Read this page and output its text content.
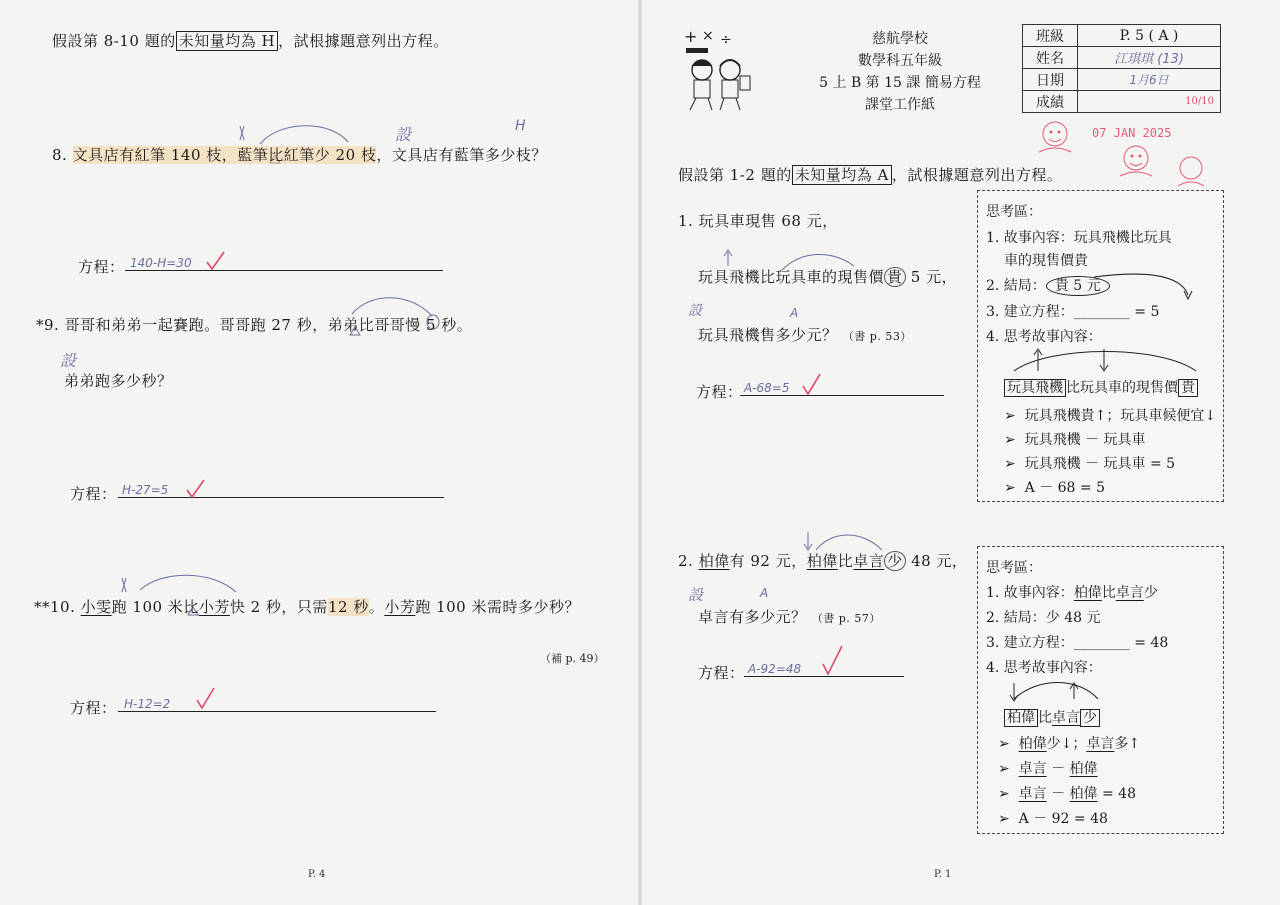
假設第 8-10 題的 未知量均為 H ，試根據題意列出方程。
設	H
8. 文具店有紅筆 140 枝，藍筆比紅筆少 20 枝，文具店有藍筆多少枝？
方程： 140-H=30
*9. 哥哥和弟弟一起賽跑。哥哥跑 27 秒，弟弟比哥哥慢 5 秒。
設
弟弟跑多少秒？
方程： H-27=5
**10. 小雯跑 100 米比小芳快 2 秒，只需12 秒。小芳跑 100 米需時多少秒？
（補 p. 49）
方程： H-12=2
P. 4
+ × ÷	慈航學校
數學科五年級
5 上 B 第 15 課 簡易方程
課堂工作紙
班級	P. 5 ( A )
姓名	江琪琪 (13)
日期	1月6日
成績	10/10
07 JAN 2025
假設第 1-2 題的 未知量均為 A ，試根據題意列出方程。
1. 玩具車現售 68 元，
玩具飛機比玩具車的現售價 貴 5 元，
設	A
玩具飛機售多少元？ （書 p. 53）
方程： A-68=5
思考區：
1. 故事內容：玩具飛機比玩具
車的現售價貴
2. 結局： 貴 5 元
3. 建立方程：________ = 5
4. 思考故事內容：
玩具飛機 比玩具車的現售價 貴
➢  玩具飛機貴↑；玩具車候便宜↓
➢  玩具飛機 － 玩具車
➢  玩具飛機 － 玩具車 = 5
➢  A － 68 = 5
2. 柏偉有 92 元，柏偉比卓言 少 48 元，
設	A
卓言有多少元？ （書 p. 57）
方程： A-92=48
思考區：
1. 故事內容：柏偉比卓言少
2. 結局：少 48 元
3. 建立方程：________ = 48
4. 思考故事內容：
柏偉 比卓言 少
➢  柏偉少↓；卓言多↑
➢  卓言 － 柏偉
➢  卓言 － 柏偉 = 48
➢  A － 92 = 48
P. 1
